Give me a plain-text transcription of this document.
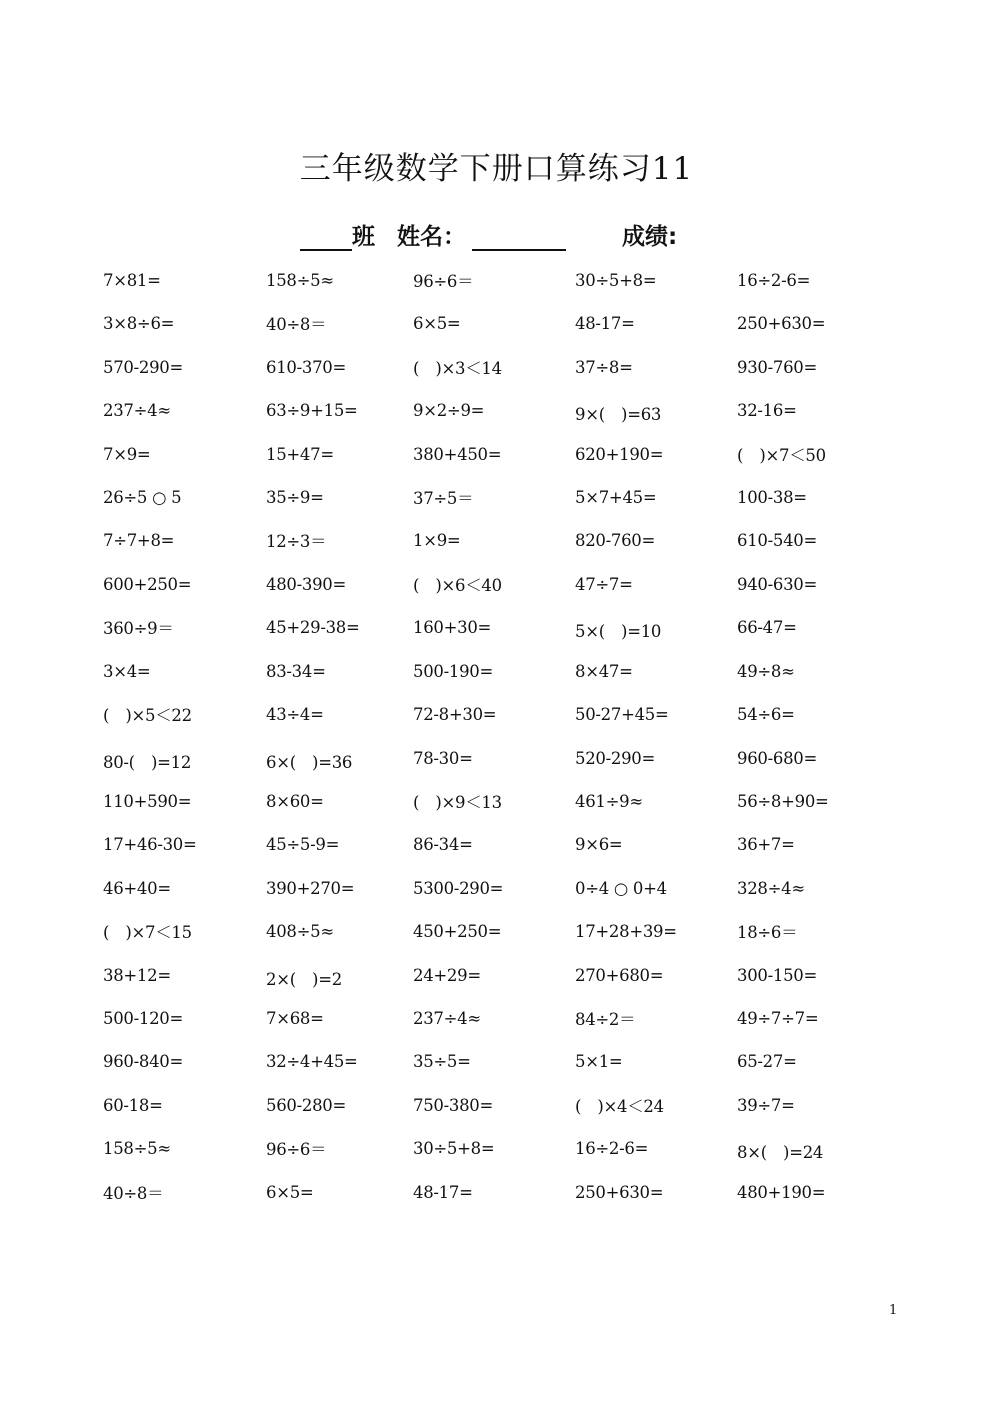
三年级数学下册口算练习11
班 姓名：	成绩:
7×81=	158÷5≈	96÷6＝	30÷5+8=	16÷2-6=
3×8÷6=	40÷8＝	6×5=	48-17=	250+630=
570-290=	610-370=	(　)×3＜14	37÷8=	930-760=
237÷4≈	63÷9+15=	9×2÷9=	9×(　)=63	32-16=
7×9=	15+47=	380+450=	620+190=	(　)×7＜50
26÷5 ○ 5	35÷9=	37÷5＝	5×7+45=	100-38=
7÷7+8=	12÷3＝	1×9=	820-760=	610-540=
600+250=	480-390=	(　)×6＜40	47÷7=	940-630=
360÷9＝	45+29-38=	160+30=	5×(　)=10	66-47=
3×4=	83-34=	500-190=	8×47=	49÷8≈
(　)×5＜22	43÷4=	72-8+30=	50-27+45=	54÷6=
80-(　)=12	6×(　)=36	78-30=	520-290=	960-680=
110+590=	8×60=	(　)×9＜13	461÷9≈	56÷8+90=
17+46-30=	45÷5-9=	86-34=	9×6=	36+7=
46+40=	390+270=	5300-290=	0÷4 ○ 0+4	328÷4≈
(　)×7＜15	408÷5≈	450+250=	17+28+39=	18÷6＝
38+12=	2×(　)=2	24+29=	270+680=	300-150=
500-120=	7×68=	237÷4≈	84÷2＝	49÷7÷7=
960-840=	32÷4+45=	35÷5=	5×1=	65-27=
60-18=	560-280=	750-380=	(　)×4＜24	39÷7=
158÷5≈	96÷6＝	30÷5+8=	16÷2-6=	8×(　)=24
40÷8＝	6×5=	48-17=	250+630=	480+190=
1
